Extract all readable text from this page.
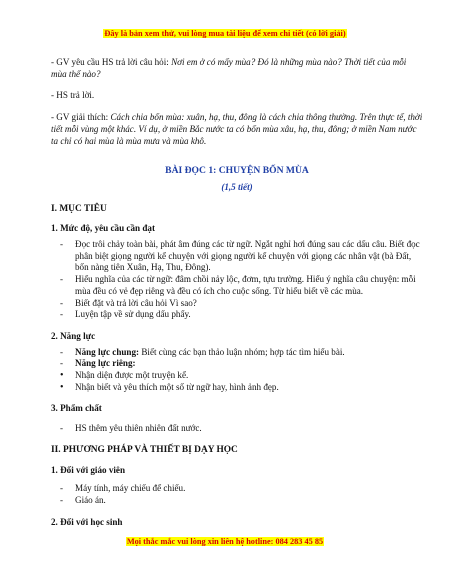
Đây là bản xem thử, vui lòng mua tài liệu để xem chi tiết (có lời giải)

- GV yêu cầu HS trả lời câu hỏi: Nơi em ở có mấy mùa? Đó là những mùa nào? Thời tiết của mỗi mùa thế nào?

- HS trả lời.

- GV giải thích: Cách chia bốn mùa: xuân, hạ, thu, đông là cách chia thông thường. Trên thực tế, thời tiết mỗi vùng một khác. Ví dụ, ở miền Bắc nước ta có bốn mùa xâu, hạ, thu, đông; ở miền Nam nước ta chỉ có hai mùa là mùa mưa và mùa khô.

BÀI ĐỌC 1: CHUYỆN BỐN MÙA

(1,5 tiết)

I. MỤC TIÊU

1. Mức độ, yêu cầu cần đạt

- Đọc trôi chảy toàn bài, phát âm đúng các từ ngữ. Ngắt nghỉ hơi đúng sau các dấu câu. Biết đọc phân biệt giọng người kể chuyện với giọng người kể chuyện với giọng các nhân vật (bà Đất, bốn nàng tiên Xuân, Hạ, Thu, Đông).
- Hiểu nghĩa của các từ ngữ: đâm chồi nảy lộc, đơm, tựu trường. Hiểu ý nghĩa câu chuyện: mỗi mùa đều có vẻ đẹp riêng và đều có ích cho cuộc sống. Từ hiểu biết về các mùa.
- Biết đặt và trả lời câu hỏi Vì sao?
- Luyện tập về sử dụng dấu phẩy.

2. Năng lực

- Năng lực chung: Biết cùng các bạn thảo luận nhóm; hợp tác tìm hiểu bài.
- Năng lực riêng:
• Nhận diện được một truyện kể.
• Nhận biết và yêu thích một số từ ngữ hay, hình ảnh đẹp.

3. Phẩm chất

- HS thêm yêu thiên nhiên đất nước.

II. PHƯƠNG PHÁP VÀ THIẾT BỊ DẠY HỌC

1. Đối với giáo viên

- Máy tính, máy chiếu để chiếu.
- Giáo án.

2. Đối với học sinh

Mọi thắc mắc vui lòng xin liên hệ hotline: 084 283 45 85
